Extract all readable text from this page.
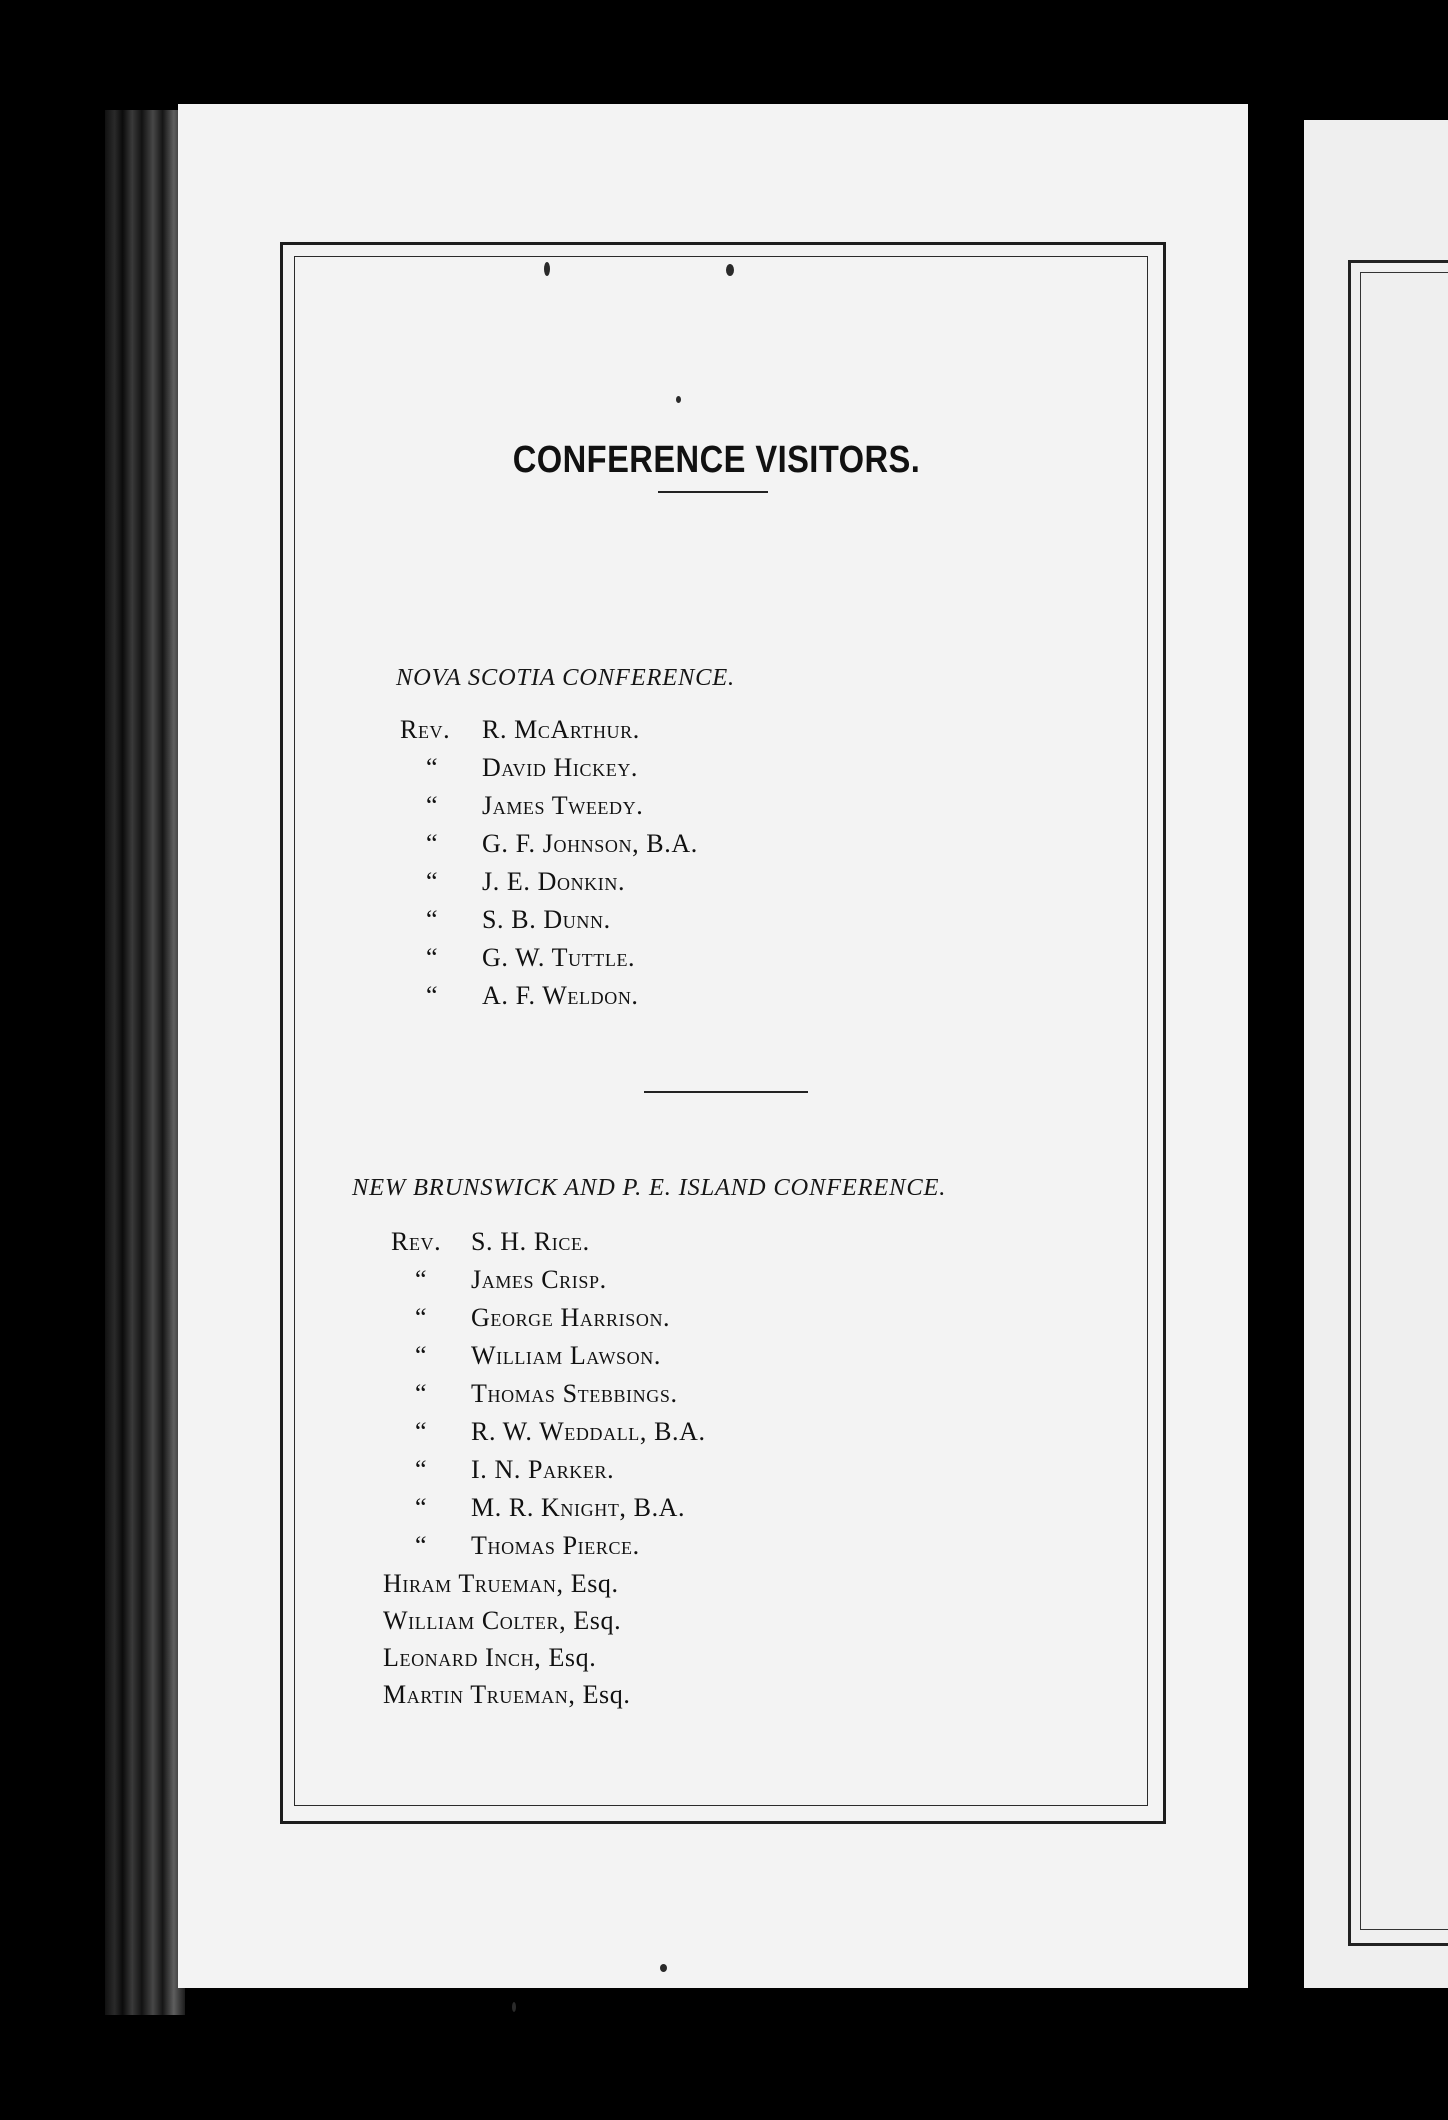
CONFERENCE VISITORS.
NOVA SCOTIA CONFERENCE.
Rev. R. McArthur.
“ David Hickey.
“ James Tweedy.
“ G. F. Johnson, B.A.
“ J. E. Donkin.
“ S. B. Dunn.
“ G. W. Tuttle.
“ A. F. Weldon.
NEW BRUNSWICK AND P. E. ISLAND CONFERENCE.
Rev. S. H. Rice.
“ James Crisp.
“ George Harrison.
“ William Lawson.
“ Thomas Stebbings.
“ R. W. Weddall, B.A.
“ I. N. Parker.
“ M. R. Knight, B.A.
“ Thomas Pierce.
Hiram Trueman, Esq.
William Colter, Esq.
Leonard Inch, Esq.
Martin Trueman, Esq.
